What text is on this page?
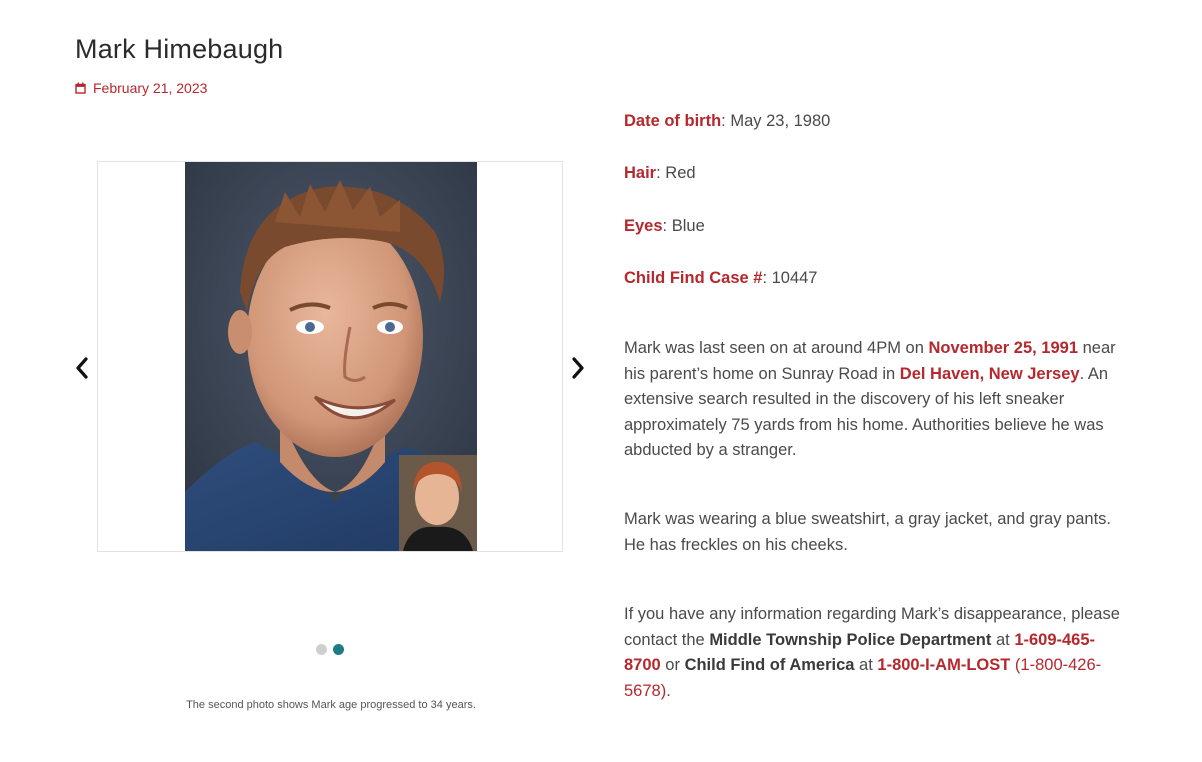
Mark Himebaugh
February 21, 2023
The second photo shows Mark age progressed to 34 years.
Date of birth: May 23, 1980
Hair: Red
Eyes: Blue
Child Find Case #: 10447

Mark was last seen on at around 4PM on November 25, 1991 near his parent’s home on Sunray Road in Del Haven, New Jersey. An extensive search resulted in the discovery of his left sneaker approximately 75 yards from his home. Authorities believe he was abducted by a stranger.

Mark was wearing a blue sweatshirt, a gray jacket, and gray pants. He has freckles on his cheeks.

If you have any information regarding Mark’s disappearance, please contact the Middle Township Police Department at 1-609-465-8700 or Child Find of America at 1-800-I-AM-LOST (1-800-426-5678).
